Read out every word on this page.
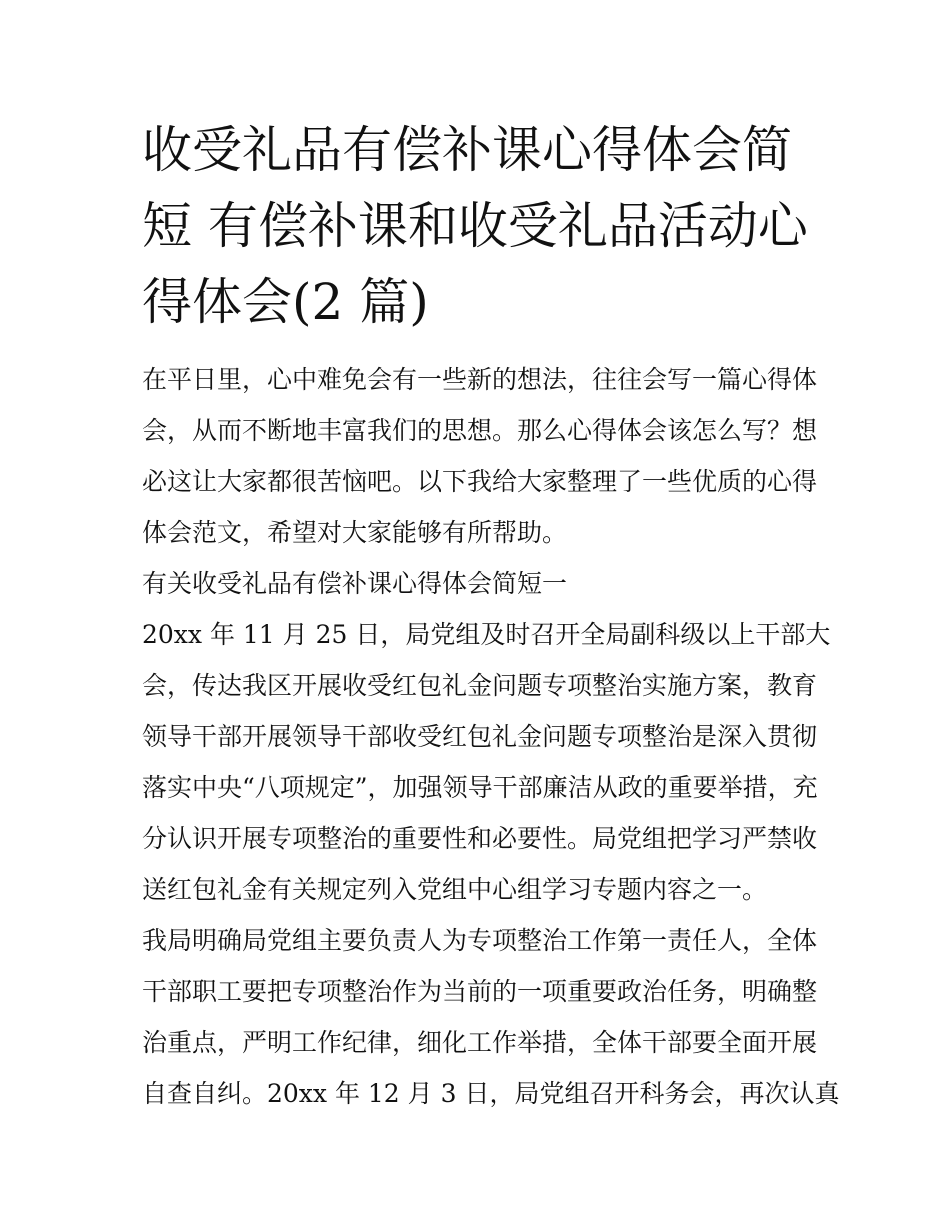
收受礼品有偿补课心得体会简
短 有偿补课和收受礼品活动心
得体会(2 篇)
在平日里，心中难免会有一些新的想法，往往会写一篇心得体
会，从而不断地丰富我们的思想。那么心得体会该怎么写？想
必这让大家都很苦恼吧。以下我给大家整理了一些优质的心得
体会范文，希望对大家能够有所帮助。
有关收受礼品有偿补课心得体会简短一
20xx 年 11 月 25 日，局党组及时召开全局副科级以上干部大
会，传达我区开展收受红包礼金问题专项整治实施方案，教育
领导干部开展领导干部收受红包礼金问题专项整治是深入贯彻
落实中央“八项规定”，加强领导干部廉洁从政的重要举措，充
分认识开展专项整治的重要性和必要性。局党组把学习严禁收
送红包礼金有关规定列入党组中心组学习专题内容之一。
我局明确局党组主要负责人为专项整治工作第一责任人，全体
干部职工要把专项整治作为当前的一项重要政治任务，明确整
治重点，严明工作纪律，细化工作举措，全体干部要全面开展
自查自纠。20xx 年 12 月 3 日，局党组召开科务会，再次认真
